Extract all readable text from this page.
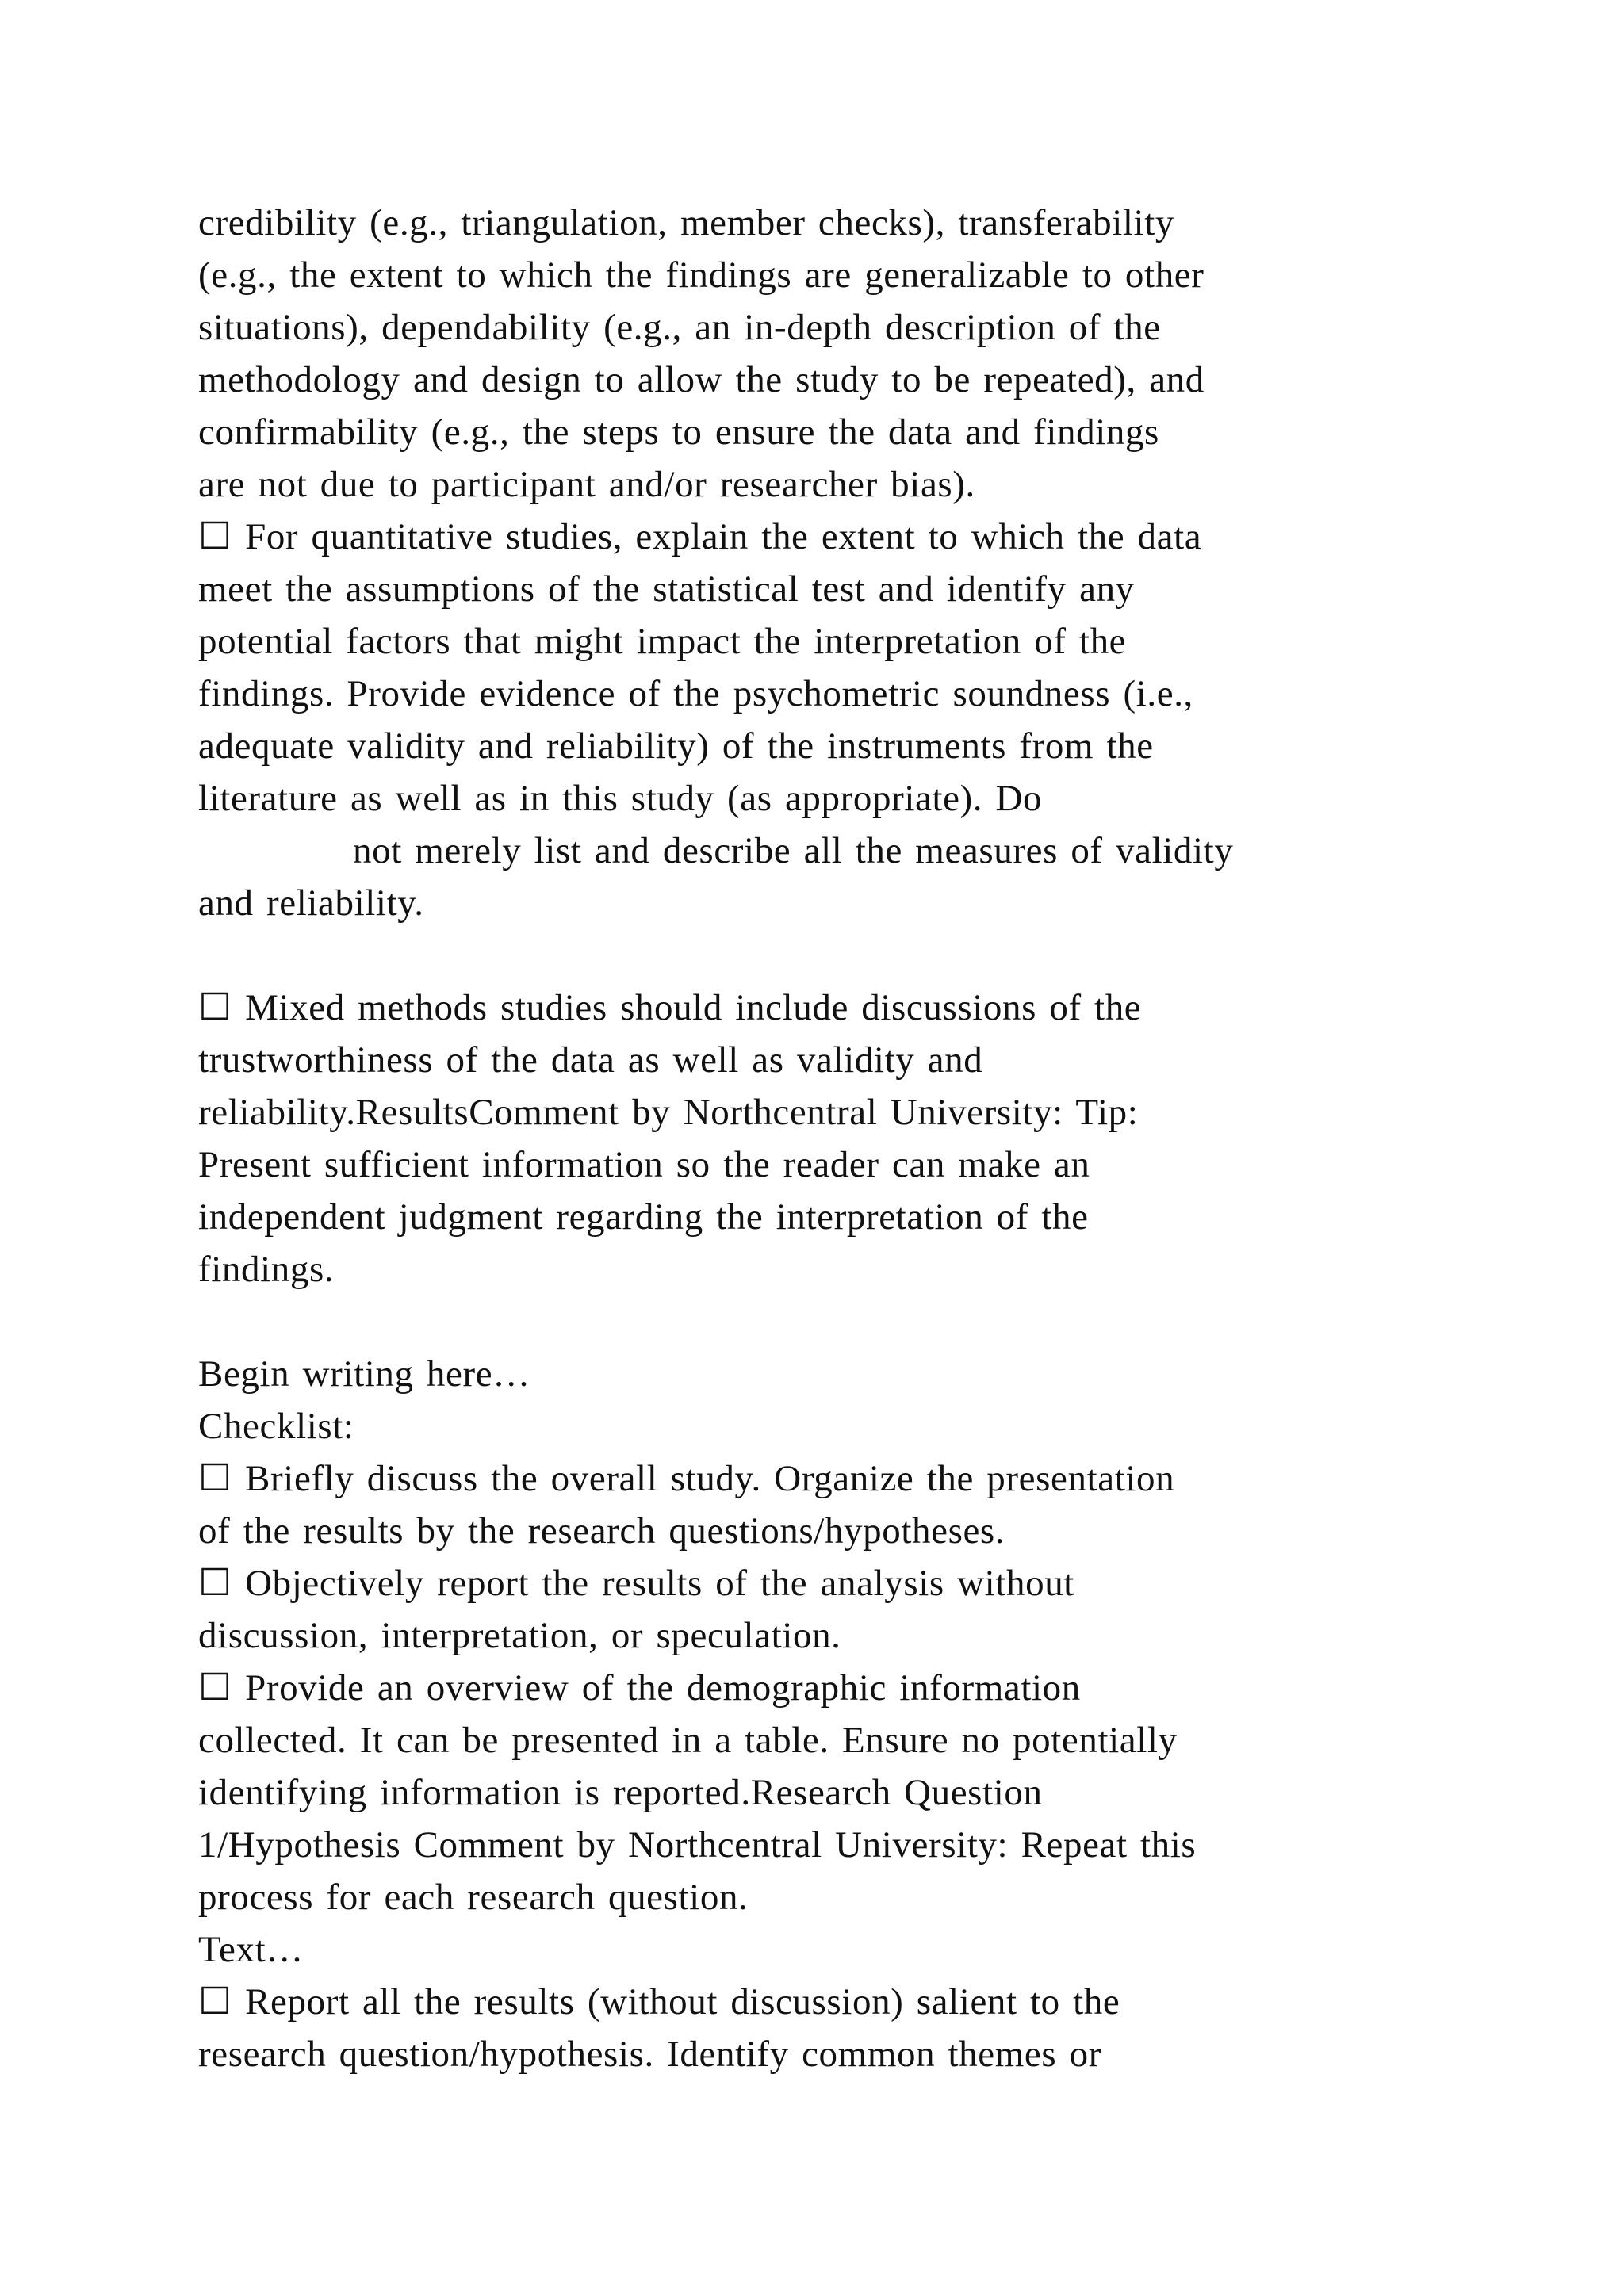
credibility (e.g., triangulation, member checks), transferability
(e.g., the extent to which the findings are generalizable to other
situations), dependability (e.g., an in-depth description of the
methodology and design to allow the study to be repeated), and
confirmability (e.g., the steps to ensure the data and findings
are not due to participant and/or researcher bias).
☐ For quantitative studies, explain the extent to which the data
meet the assumptions of the statistical test and identify any
potential factors that might impact the interpretation of the
findings. Provide evidence of the psychometric soundness (i.e.,
adequate validity and reliability) of the instruments from the
literature as well as in this study (as appropriate). Do
not merely list and describe all the measures of validity
and reliability.
☐ Mixed methods studies should include discussions of the
trustworthiness of the data as well as validity and
reliability.ResultsComment by Northcentral University: Tip:
Present sufficient information so the reader can make an
independent judgment regarding the interpretation of the
findings.
Begin writing here…
Checklist:
☐ Briefly discuss the overall study. Organize the presentation
of the results by the research questions/hypotheses.
☐ Objectively report the results of the analysis without
discussion, interpretation, or speculation.
☐ Provide an overview of the demographic information
collected. It can be presented in a table. Ensure no potentially
identifying information is reported.Research Question
1/Hypothesis Comment by Northcentral University: Repeat this
process for each research question.
Text…
☐ Report all the results (without discussion) salient to the
research question/hypothesis. Identify common themes or
